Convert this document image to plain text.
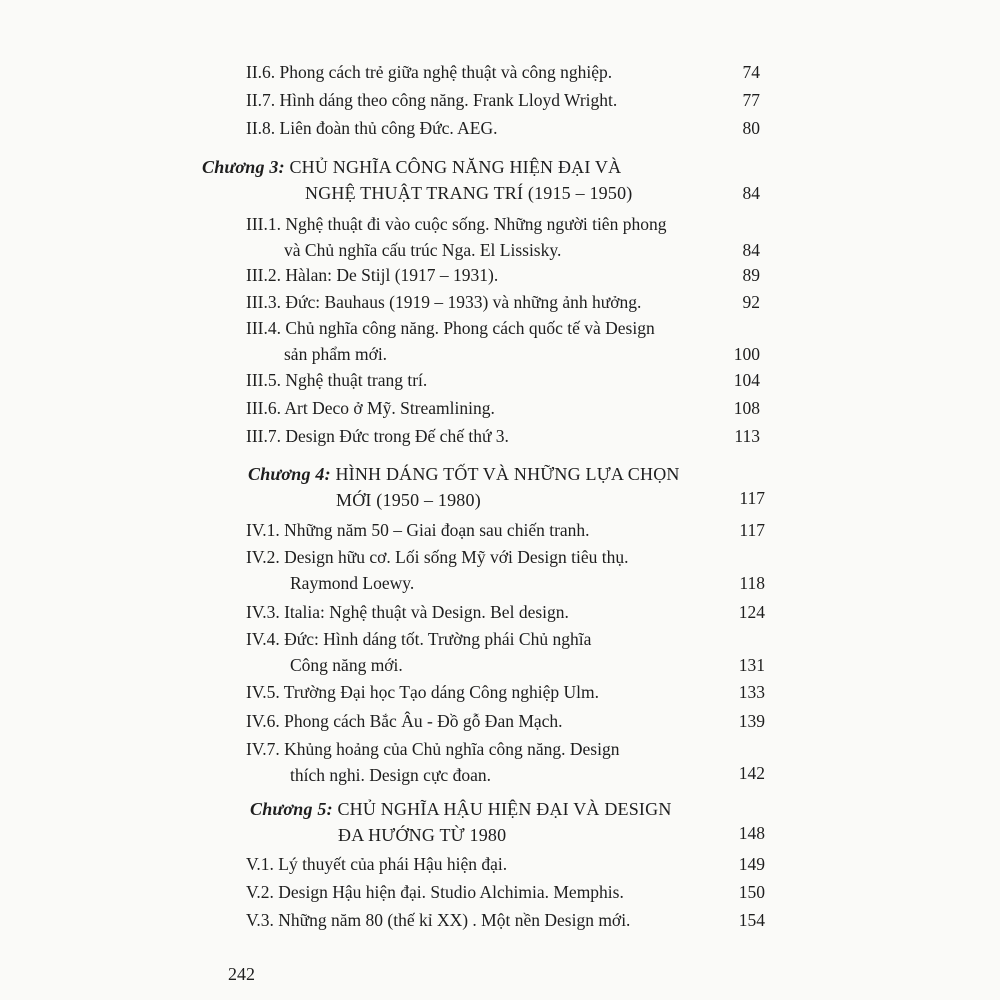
II.6. Phong cách trẻ giữa nghệ thuật và công nghiệp.	74
II.7. Hình dáng theo công năng. Frank Lloyd Wright.	77
II.8. Liên đoàn thủ công Đức. AEG.	80
Chương 3: CHỦ NGHĨA CÔNG NĂNG HIỆN ĐẠI VÀ
NGHỆ THUẬT TRANG TRÍ (1915 – 1950)	84
III.1. Nghệ thuật đi vào cuộc sống. Những người tiên phong
và Chủ nghĩa cấu trúc Nga. El Lissisky.	84
III.2. Hàlan: De Stijl (1917 – 1931).	89
III.3. Đức: Bauhaus (1919 – 1933) và những ảnh hưởng.	92
III.4. Chủ nghĩa công năng. Phong cách quốc tế và Design
sản phẩm mới.	100
III.5. Nghệ thuật trang trí.	104
III.6. Art Deco ở Mỹ. Streamlining.	108
III.7. Design Đức trong Đế chế thứ 3.	113
Chương 4: HÌNH DÁNG TỐT VÀ NHỮNG LỰA CHỌN
MỚI (1950 – 1980)	117
IV.1. Những năm 50 – Giai đoạn sau chiến tranh.	117
IV.2. Design hữu cơ. Lối sống Mỹ với Design tiêu thụ.
Raymond Loewy.	118
IV.3. Italia: Nghệ thuật và Design. Bel design.	124
IV.4. Đức: Hình dáng tốt. Trường phái Chủ nghĩa
Công năng mới.	131
IV.5. Trường Đại học Tạo dáng Công nghiệp Ulm.	133
IV.6. Phong cách Bắc Âu - Đồ gỗ Đan Mạch.	139
IV.7. Khủng hoảng của Chủ nghĩa công năng. Design
thích nghi. Design cực đoan.	142
Chương 5: CHỦ NGHĨA HẬU HIỆN ĐẠI VÀ DESIGN
ĐA HƯỚNG TỪ 1980	148
V.1. Lý thuyết của phái Hậu hiện đại.	149
V.2. Design Hậu hiện đại. Studio Alchimia. Memphis.	150
V.3. Những năm 80 (thế kỉ XX) . Một nền Design mới.	154
242
